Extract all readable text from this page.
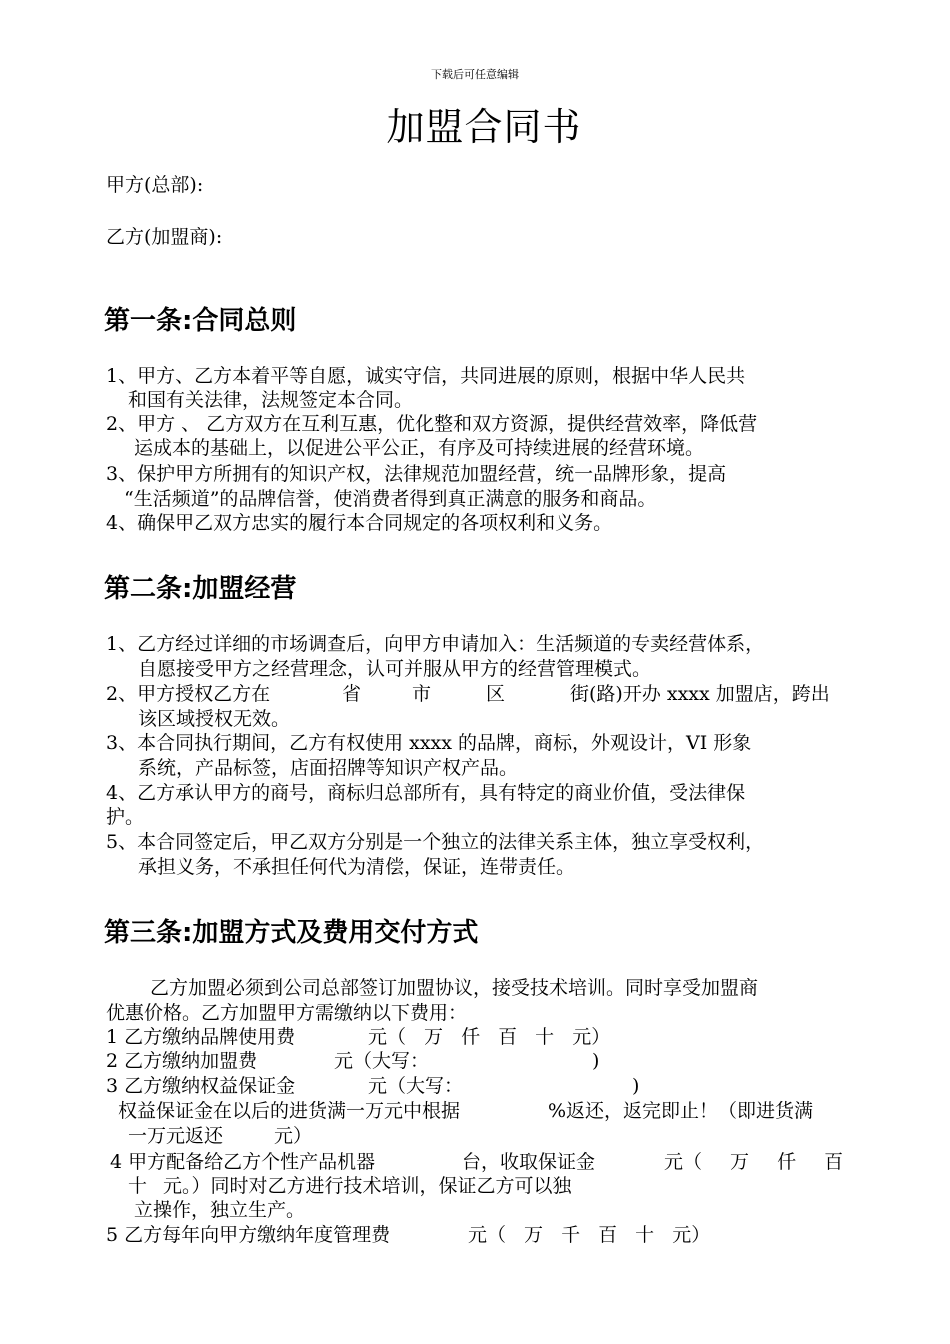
下载后可任意编辑
加盟合同书
甲方(总部):
乙方(加盟商):
第一条:合同总则
1、甲方、乙方本着平等自愿，诚实守信，共同进展的原则，根据中华人民共
和国有关法律，法规签定本合同。
2、甲方 、 乙方双方在互利互惠，优化整和双方资源，提供经营效率，降低营
运成本的基础上，以促进公平公正，有序及可持续进展的经营环境。
3、保护甲方所拥有的知识产权，法律规范加盟经营，统一品牌形象，提高
“生活频道”的品牌信誉，使消费者得到真正满意的服务和商品。
4、确保甲乙双方忠实的履行本合同规定的各项权利和义务。
第二条:加盟经营
1、乙方经过详细的市场调查后，向甲方申请加入：生活频道的专卖经营体系，
自愿接受甲方之经营理念，认可并服从甲方的经营管理模式。
2、甲方授权乙方在	省	市	区	街(路)开办 xxxx 加盟店，跨出
该区域授权无效。
3、本合同执行期间，乙方有权使用 xxxx 的品牌，商标，外观设计，VI 形象
系统，产品标签，店面招牌等知识产权产品。
4、乙方承认甲方的商号，商标归总部所有，具有特定的商业价值，受法律保
护。
5、本合同签定后，甲乙双方分别是一个独立的法律关系主体，独立享受权利，
承担义务，不承担任何代为清偿，保证，连带责任。
第三条:加盟方式及费用交付方式
乙方加盟必须到公司总部签订加盟协议，接受技术培训。同时享受加盟商
优惠价格。乙方加盟甲方需缴纳以下费用：
1 乙方缴纳品牌使用费	元（ 万 仟 百 十 元）
2 乙方缴纳加盟费	元（大写：	)
3 乙方缴纳权益保证金	元（大写：	)
权益保证金在以后的进货满一万元中根据	%返还，返完即止！（即进货满
一万元返还	元）
4 甲方配备给乙方个性产品机器	台，收取保证金	元（ 万 仟 百
十 元。）同时对乙方进行技术培训，保证乙方可以独
立操作，独立生产。
5 乙方每年向甲方缴纳年度管理费	元（ 万 千 百 十 元）
